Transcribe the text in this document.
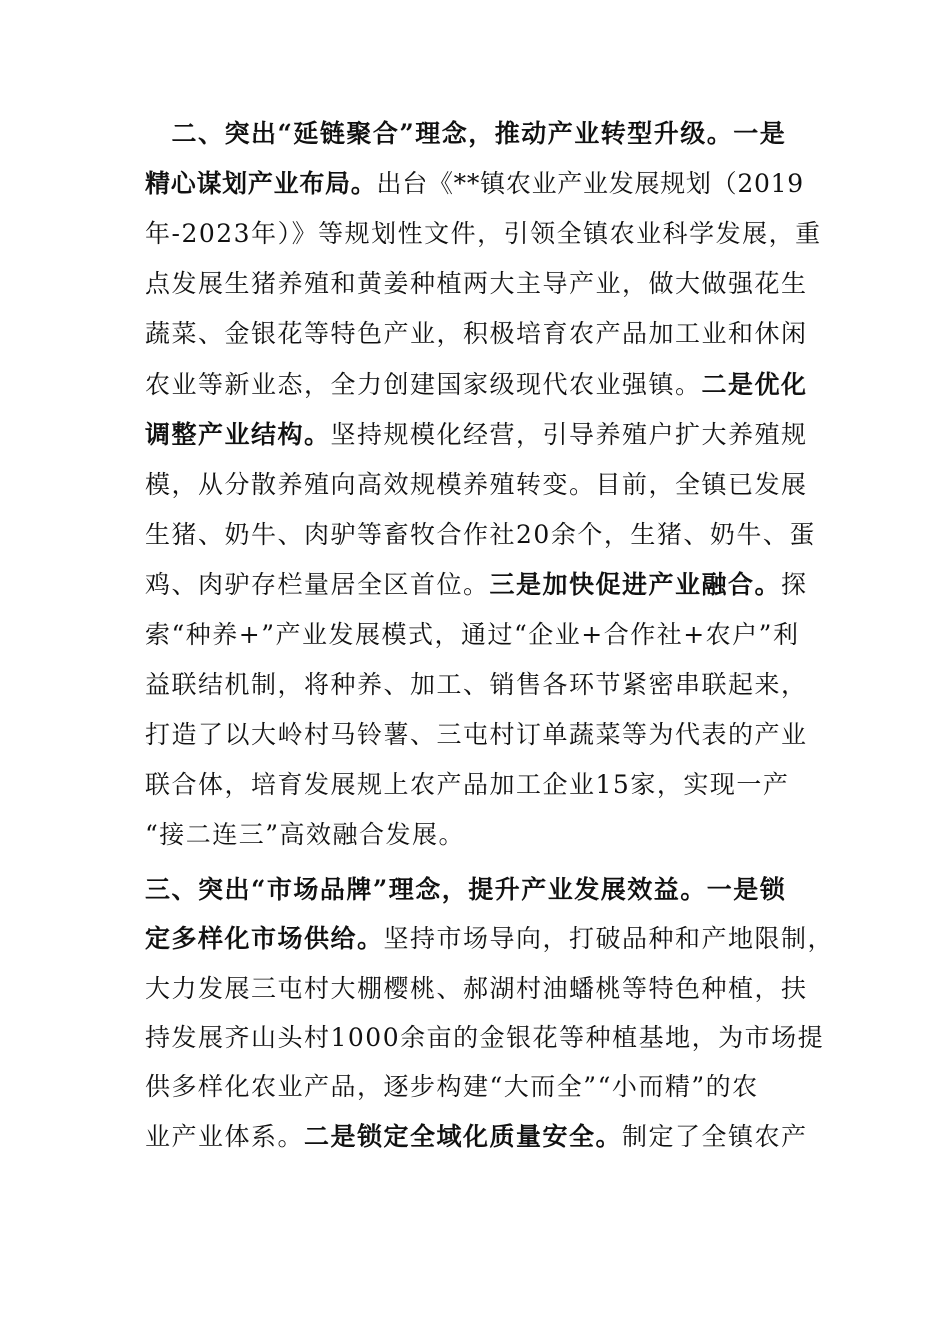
　二、突出“延链聚合”理念，推动产业转型升级。一是
精心谋划产业布局。出台《**镇农业产业发展规划（2019
年-2023年）》等规划性文件，引领全镇农业科学发展，重
点发展生猪养殖和黄姜种植两大主导产业，做大做强花生
蔬菜、金银花等特色产业，积极培育农产品加工业和休闲
农业等新业态，全力创建国家级现代农业强镇。二是优化
调整产业结构。坚持规模化经营，引导养殖户扩大养殖规
模，从分散养殖向高效规模养殖转变。目前，全镇已发展
生猪、奶牛、肉驴等畜牧合作社20余个，生猪、奶牛、蛋
鸡、肉驴存栏量居全区首位。三是加快促进产业融合。探
索“种养+”产业发展模式，通过“企业+合作社+农户”利
益联结机制，将种养、加工、销售各环节紧密串联起来，
打造了以大岭村马铃薯、三屯村订单蔬菜等为代表的产业
联合体，培育发展规上农产品加工企业15家，实现一产
“接二连三”高效融合发展。
三、突出“市场品牌”理念，提升产业发展效益。一是锁
定多样化市场供给。坚持市场导向，打破品种和产地限制，
大力发展三屯村大棚樱桃、郝湖村油蟠桃等特色种植，扶
持发展齐山头村1000余亩的金银花等种植基地，为市场提
供多样化农业产品，逐步构建“大而全”“小而精”的农
业产业体系。二是锁定全域化质量安全。制定了全镇农产
